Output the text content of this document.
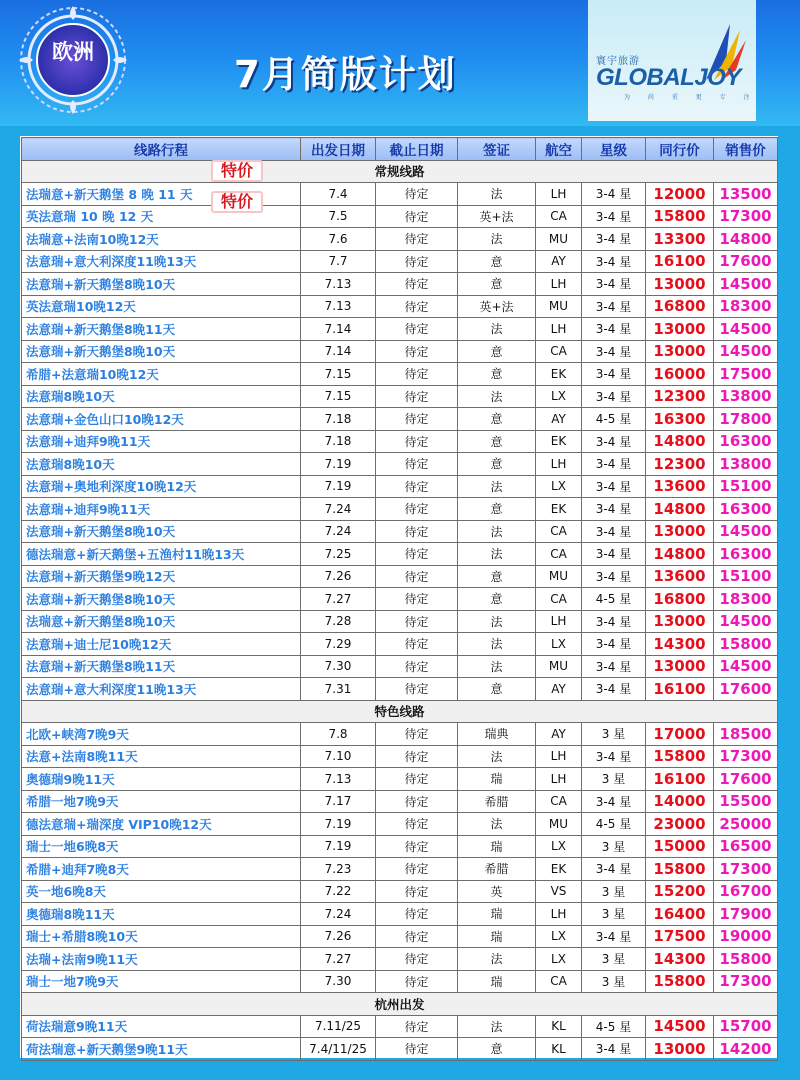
欧洲
7月简版计划	寰宇旅游
GLOBALJOY
为 尚 重 更 专 注
线路行程	出发日期	截止日期	签证	航空	星级	同行价	销售价
常规线路							
法瑞意+新天鹅堡 8 晚 11 天	7.4	待定	法	LH	3-4 星	12000	13500
英法意瑞 10 晚 12 天	7.5	待定	英+法	CA	3-4 星	15800	17300
法瑞意+法南10晚12天	7.6	待定	法	MU	3-4 星	13300	14800
法意瑞+意大利深度11晚13天	7.7	待定	意	AY	3-4 星	16100	17600
法意瑞+新天鹅堡8晚10天	7.13	待定	意	LH	3-4 星	13000	14500
英法意瑞10晚12天	7.13	待定	英+法	MU	3-4 星	16800	18300
法意瑞+新天鹅堡8晚11天	7.14	待定	法	LH	3-4 星	13000	14500
法意瑞+新天鹅堡8晚10天	7.14	待定	意	CA	3-4 星	13000	14500
希腊+法意瑞10晚12天	7.15	待定	意	EK	3-4 星	16000	17500
法意瑞8晚10天	7.15	待定	法	LX	3-4 星	12300	13800
法意瑞+金色山口10晚12天	7.18	待定	意	AY	4-5 星	16300	17800
法意瑞+迪拜9晚11天	7.18	待定	意	EK	3-4 星	14800	16300
法意瑞8晚10天	7.19	待定	意	LH	3-4 星	12300	13800
法意瑞+奥地利深度10晚12天	7.19	待定	法	LX	3-4 星	13600	15100
法意瑞+迪拜9晚11天	7.24	待定	意	EK	3-4 星	14800	16300
法意瑞+新天鹅堡8晚10天	7.24	待定	法	CA	3-4 星	13000	14500
德法瑞意+新天鹅堡+五渔村11晚13天	7.25	待定	法	CA	3-4 星	14800	16300
法意瑞+新天鹅堡9晚12天	7.26	待定	意	MU	3-4 星	13600	15100
法意瑞+新天鹅堡8晚10天	7.27	待定	意	CA	4-5 星	16800	18300
法瑞意+新天鹅堡8晚10天	7.28	待定	法	LH	3-4 星	13000	14500
法意瑞+迪士尼10晚12天	7.29	待定	法	LX	3-4 星	14300	15800
法意瑞+新天鹅堡8晚11天	7.30	待定	法	MU	3-4 星	13000	14500
法意瑞+意大利深度11晚13天	7.31	待定	意	AY	3-4 星	16100	17600
特色线路							
北欧+峡湾7晚9天	7.8	待定	瑞典	AY	3 星	17000	18500
法意+法南8晚11天	7.10	待定	法	LH	3-4 星	15800	17300
奥德瑞9晚11天	7.13	待定	瑞	LH	3 星	16100	17600
希腊一地7晚9天	7.17	待定	希腊	CA	3-4 星	14000	15500
德法意瑞+瑞深度 VIP10晚12天	7.19	待定	法	MU	4-5 星	23000	25000
瑞士一地6晚8天	7.19	待定	瑞	LX	3 星	15000	16500
希腊+迪拜7晚8天	7.23	待定	希腊	EK	3-4 星	15800	17300
英一地6晚8天	7.22	待定	英	VS	3 星	15200	16700
奥德瑞8晚11天	7.24	待定	瑞	LH	3 星	16400	17900
瑞士+希腊8晚10天	7.26	待定	瑞	LX	3-4 星	17500	19000
法瑞+法南9晚11天	7.27	待定	法	LX	3 星	14300	15800
瑞士一地7晚9天	7.30	待定	瑞	CA	3 星	15800	17300
杭州出发							
荷法瑞意9晚11天	7.11/25	待定	法	KL	4-5 星	14500	15700
荷法瑞意+新天鹅堡9晚11天	7.4/11/25	待定	意	KL	3-4 星	13000	14200
特价
特价
